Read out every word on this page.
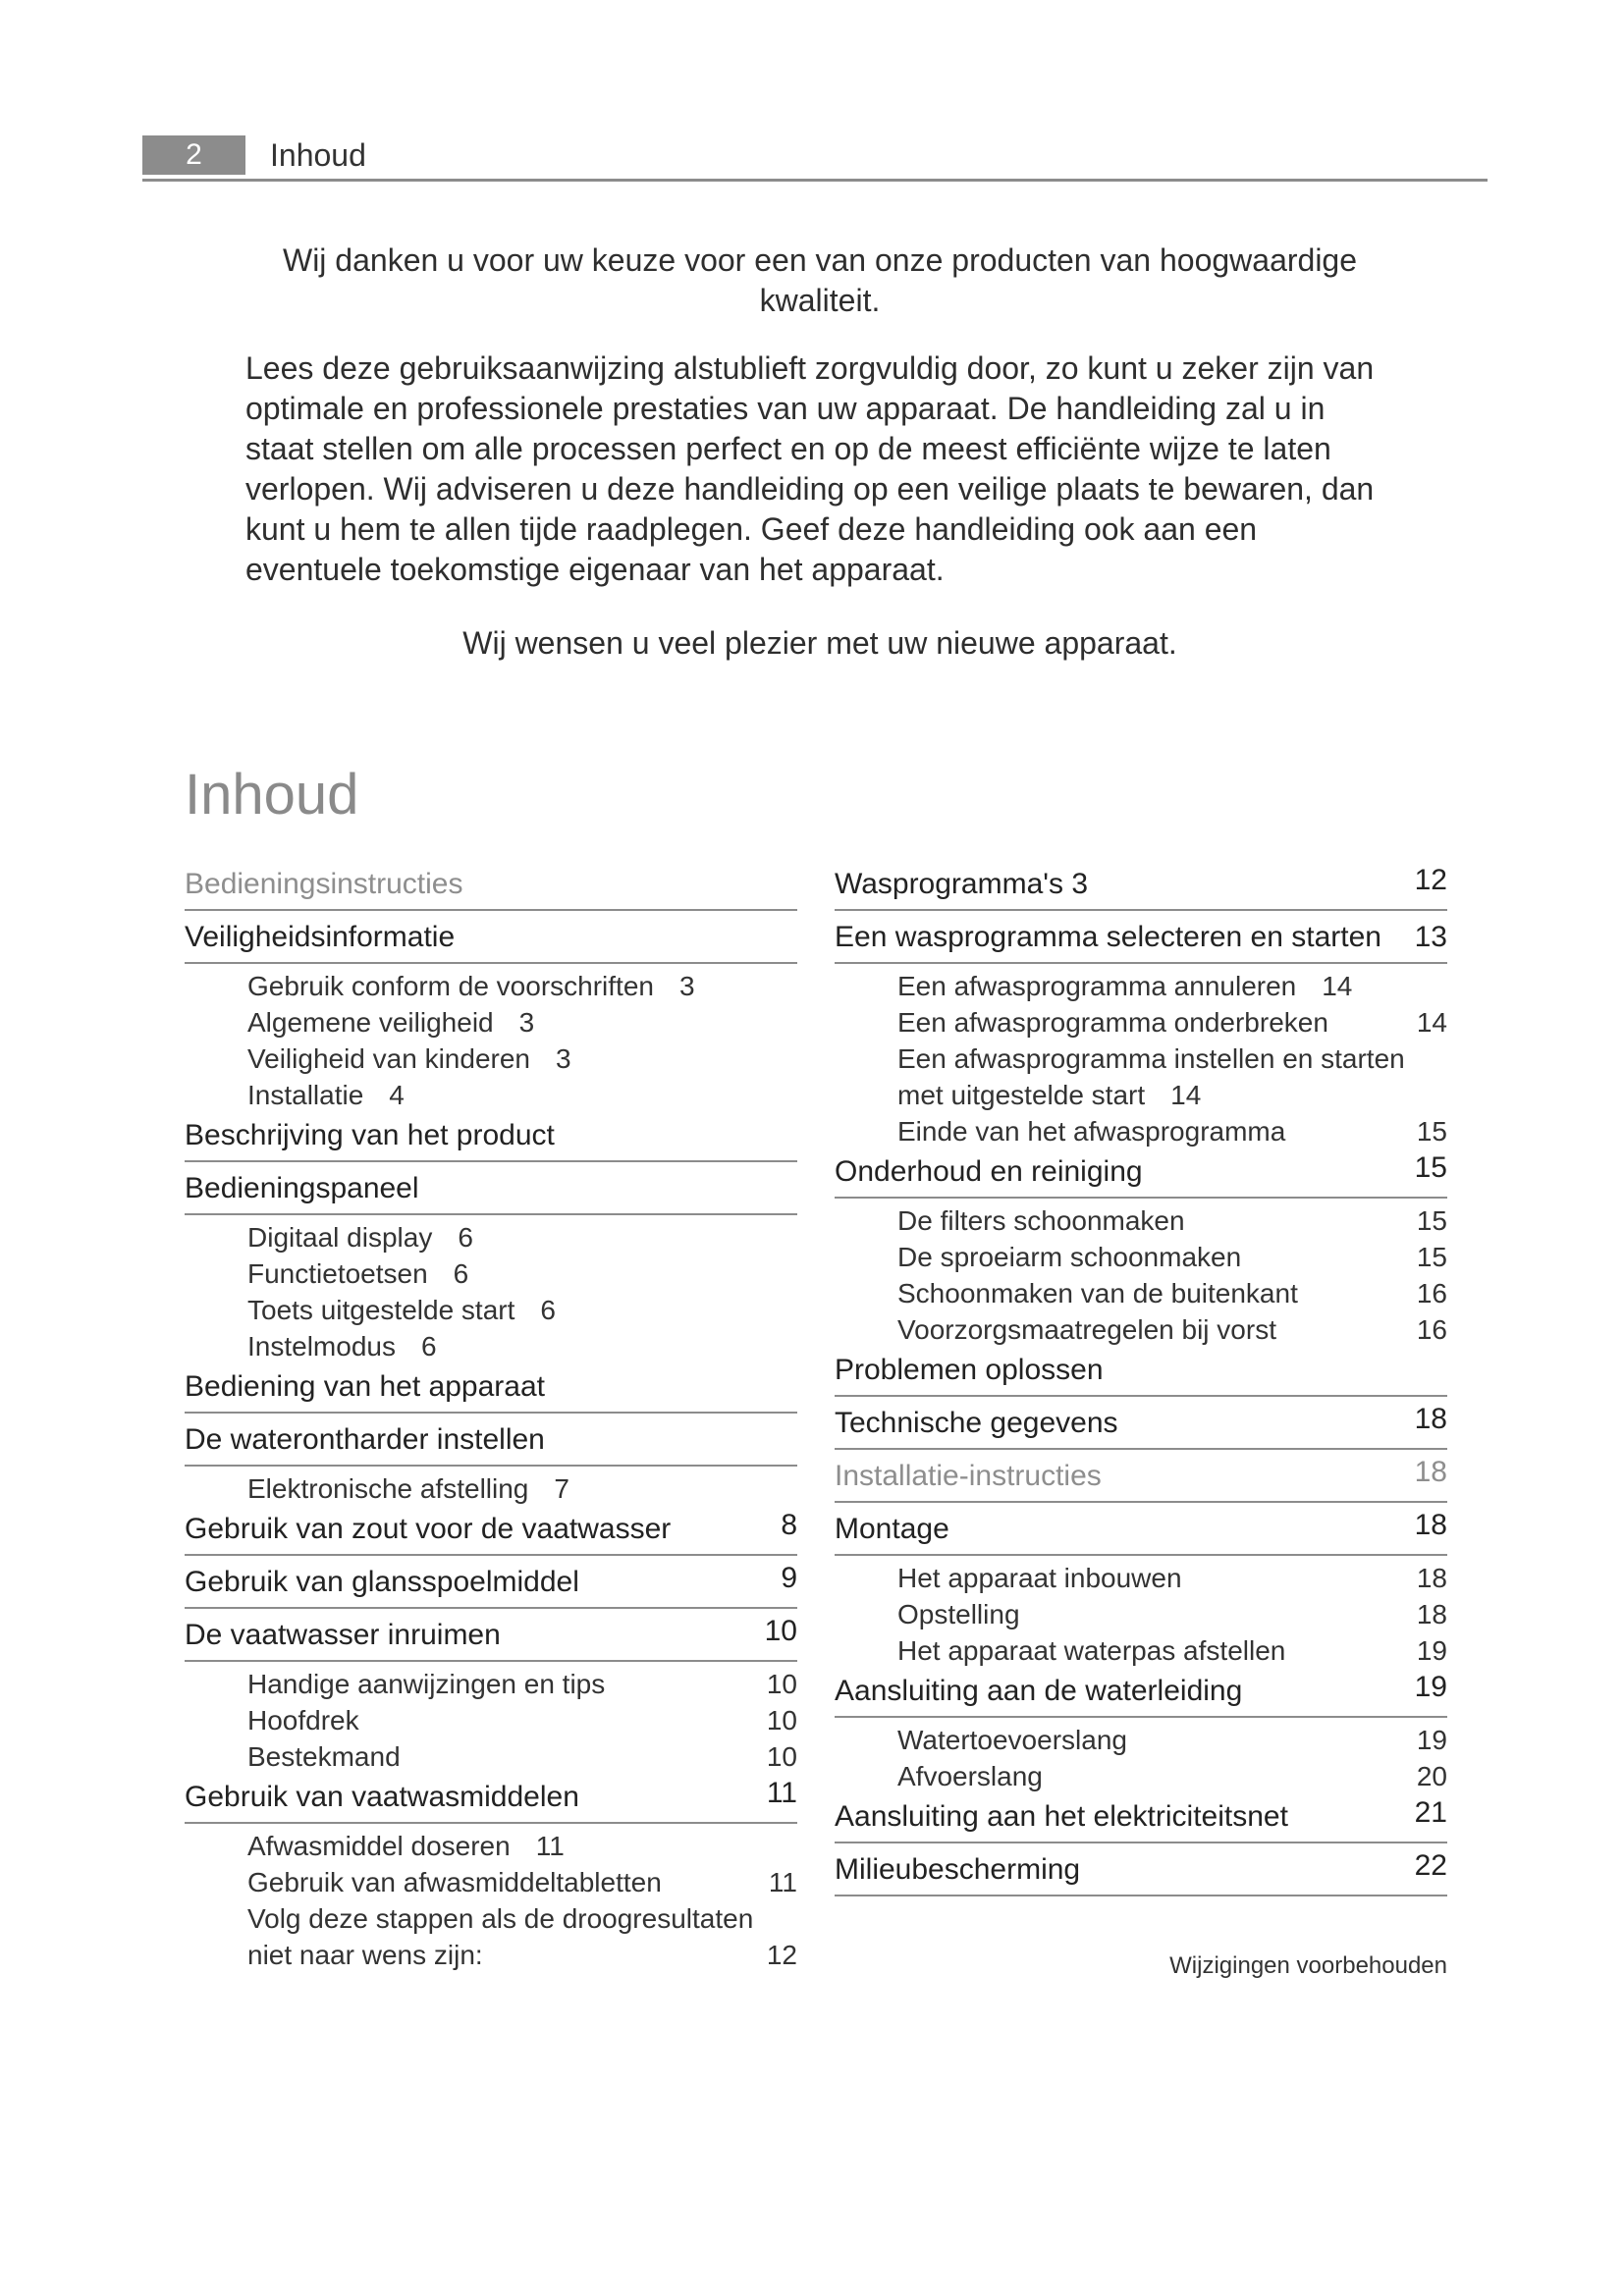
2	Inhoud

Wij danken u voor uw keuze voor een van onze producten van hoogwaardige kwaliteit.

Lees deze gebruiksaanwijzing alstublieft zorgvuldig door, zo kunt u zeker zijn van optimale en professionele prestaties van uw apparaat. De handleiding zal u in staat stellen om alle processen perfect en op de meest efficiënte wijze te laten verlopen. Wij adviseren u deze handleiding op een veilige plaats te bewaren, dan kunt u hem te allen tijde raadplegen. Geef deze handleiding ook aan een eventuele toekomstige eigenaar van het apparaat.

Wij wensen u veel plezier met uw nieuwe apparaat.

Inhoud
Bedieningsinstructies
Veiligheidsinformatie
Gebruik conform de voorschriften 3
Algemene veiligheid 3
Veiligheid van kinderen 3
Installatie 4
Beschrijving van het product
Bedieningspaneel
Digitaal display 6
Functietoetsen 6
Toets uitgestelde start 6
Instelmodus 6
Bediening van het apparaat
De waterontharder instellen
Elektronische afstelling 7
Gebruik van zout voor de vaatwasser	8
Gebruik van glansspoelmiddel	9
De vaatwasser inruimen	10
Handige aanwijzingen en tips	10
Hoofdrek	10
Bestekmand	10
Gebruik van vaatwasmiddelen	11
Afwasmiddel doseren 11
Gebruik van afwasmiddeltabletten	11
Volg deze stappen als de droogresultaten niet naar wens zijn:	12
Wasprogramma's 3	12
Een wasprogramma selecteren en starten	13
Een afwasprogramma annuleren 14
Een afwasprogramma onderbreken	14
Een afwasprogramma instellen en starten met uitgestelde start 14
Einde van het afwasprogramma	15
Onderhoud en reiniging	15
De filters schoonmaken	15
De sproeiarm schoonmaken	15
Schoonmaken van de buitenkant	16
Voorzorgsmaatregelen bij vorst	16
Problemen oplossen
Technische gegevens	18
Installatie-instructies	18
Montage	18
Het apparaat inbouwen	18
Opstelling	18
Het apparaat waterpas afstellen	19
Aansluiting aan de waterleiding	19
Watertoevoerslang	19
Afvoerslang	20
Aansluiting aan het elektriciteitsnet	21
Milieubescherming	22
Wijzigingen voorbehouden
